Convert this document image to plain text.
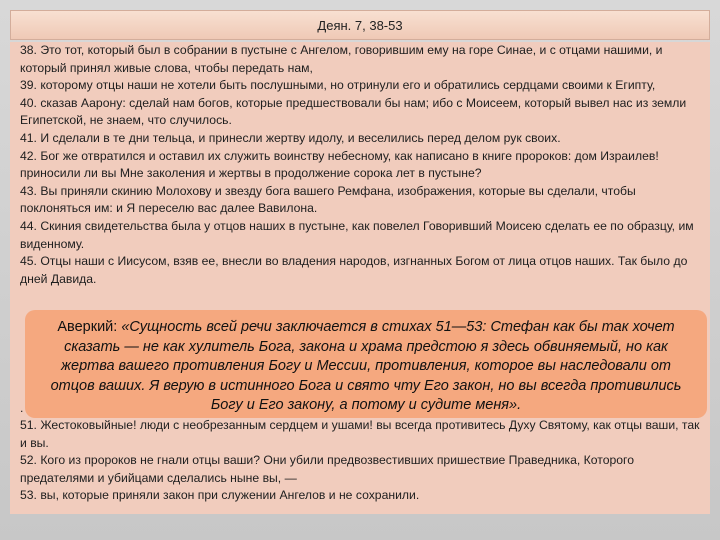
Деян. 7, 38-53

38. Это тот, который был в собрании в пустыне с Ангелом, говорившим ему на горе Синае, и с отцами нашими, и который принял живые слова, чтобы передать нам,

39. которому отцы наши не хотели быть послушными, но отринули его и обратились сердцами своими к Египту,

40. сказав Аарону: сделай нам богов, которые предшествовали бы нам; ибо с Моисеем, который вывел нас из земли Египетской, не знаем, что случилось.

41. И сделали в те дни тельца, и принесли жертву идолу, и веселились перед делом рук своих.

42. Бог же отвратился и оставил их служить воинству небесному, как написано в книге пророков: дом Израилев! приносили ли вы Мне заколения и жертвы в продолжение сорока лет в пустыне?

43. Вы приняли скинию Молохову и звезду бога вашего Ремфана, изображения, которые вы сделали, чтобы поклоняться им: и Я переселю вас далее Вавилона.

44. Скиния свидетельства была у отцов наших в пустыне, как повелел Говоривший Моисею сделать ее по образцу, им виденному.

45. Отцы наши с Иисусом, взяв ее, внесли во владения народов, изгнанных Богом от лица отцов наших. Так было до дней Давида.

.

51. Жестоковыйные! люди с необрезанным сердцем и ушами! вы всегда противитесь Духу Святому, как отцы ваши, так и вы.

52. Кого из пророков не гнали отцы ваши? Они убили предвозвестивших пришествие Праведника, Которого предателями и убийцами сделались ныне вы, —

53. вы, которые приняли закон при служении Ангелов и не сохранили.

Аверкий: «Сущность всей речи заключается в стихах 51—53: Стефан как бы так хочет сказать — не как хулитель Бога, закона и храма предстою я здесь обвиняемый, но как жертва вашего противления Богу и Мессии, противления, которое вы наследовали от отцов ваших. Я верую в истинного Бога и свято чту Его закон, но вы всегда противились Богу и Его закону, а потому и судите меня».
